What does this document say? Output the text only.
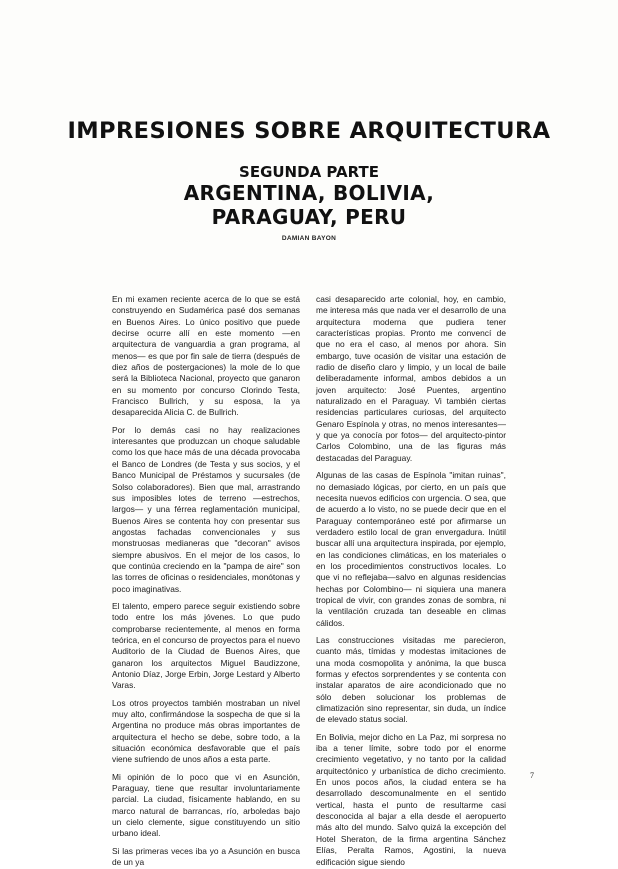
IMPRESIONES SOBRE ARQUITECTURA
SEGUNDA PARTE
ARGENTINA, BOLIVIA,
PARAGUAY, PERU
DAMIAN BAYON

En mi examen reciente acerca de lo que se está construyendo en Sudamérica pasé dos semanas en Buenos Aires. Lo único positivo que puede decirse ocurre allí en este momento —en arquitectura de vanguardia a gran programa, al menos— es que por fin sale de tierra (después de diez años de postergaciones) la mole de lo que será la Biblioteca Nacional, proyecto que ganaron en su momento por concurso Clorindo Testa, Francisco Bullrich, y su esposa, la ya desaparecida Alicia C. de Bullrich.

Por lo demás casi no hay realizaciones interesantes que produzcan un choque saludable como los que hace más de una década provocaba el Banco de Londres (de Testa y sus socios, y el Banco Municipal de Préstamos y sucursales (de Solso colaboradores). Bien que mal, arrastrando sus imposibles lotes de terreno —estrechos, largos— y una férrea reglamentación municipal, Buenos Aires se contenta hoy con presentar sus angostas fachadas convencionales y sus monstruosas medianeras que "decoran" avisos siempre abusivos. En el mejor de los casos, lo que continúa creciendo en la "pampa de aire" son las torres de oficinas o residenciales, monótonas y poco imaginativas.

El talento, empero parece seguir existiendo sobre todo entre los más jóvenes. Lo que pudo comprobarse recientemente, al menos en forma teórica, en el concurso de proyectos para el nuevo Auditorio de la Ciudad de Buenos Aires, que ganaron los arquitectos Miguel Baudizzone, Antonio Díaz, Jorge Erbin, Jorge Lestard y Alberto Varas.

Los otros proyectos también mostraban un nivel muy alto, confirmándose la sospecha de que si la Argentina no produce más obras importantes de arquitectura el hecho se debe, sobre todo, a la situación económica desfavorable que el país viene sufriendo de unos años a esta parte.

Mi opinión de lo poco que vi en Asunción, Paraguay, tiene que resultar involuntariamente parcial. La ciudad, físicamente hablando, en su marco natural de barrancas, río, arboledas bajo un cielo clemente, sigue constituyendo un sitio urbano ideal.

Si las primeras veces iba yo a Asunción en busca de un ya

casi desaparecido arte colonial, hoy, en cambio, me interesa más que nada ver el desarrollo de una arquitectura moderna que pudiera tener características propias. Pronto me convencí de que no era el caso, al menos por ahora. Sin embargo, tuve ocasión de visitar una estación de radio de diseño claro y limpio, y un local de baile deliberadamente informal, ambos debidos a un joven arquitecto: José Puentes, argentino naturalizado en el Paraguay. Vi también ciertas residencias particulares curiosas, del arquitecto Genaro Espínola y otras, no menos interesantes—y que ya conocía por fotos— del arquitecto-pintor Carlos Colombino, una de las figuras más destacadas del Paraguay.

Algunas de las casas de Espínola "imitan ruinas", no demasiado lógicas, por cierto, en un país que necesita nuevos edificios con urgencia. O sea, que de acuerdo a lo visto, no se puede decir que en el Paraguay contemporáneo esté por afirmarse un verdadero estilo local de gran envergadura. Inútil buscar allí una arquitectura inspirada, por ejemplo, en las condiciones climáticas, en los materiales o en los procedimientos constructivos locales. Lo que vi no reflejaba—salvo en algunas residencias hechas por Colombino— ni siquiera una manera tropical de vivir, con grandes zonas de sombra, ni la ventilación cruzada tan deseable en climas cálidos.

Las construcciones visitadas me parecieron, cuanto más, tímidas y modestas imitaciones de una moda cosmopolita y anónima, la que busca formas y efectos sorprendentes y se contenta con instalar aparatos de aire acondicionado que no sólo deben solucionar los problemas de climatización sino representar, sin duda, un índice de elevado status social.

En Bolivia, mejor dicho en La Paz, mi sorpresa no iba a tener límite, sobre todo por el enorme crecimiento vegetativo, y no tanto por la calidad arquitectónico y urbanística de dicho crecimiento. En unos pocos años, la ciudad entera se ha desarrollado descomunalmente en el sentido vertical, hasta el punto de resultarme casi desconocida al bajar a ella desde el aeropuerto más alto del mundo. Salvo quizá la excepción del Hotel Sheraton, de la firma argentina Sánchez Elías, Peralta Ramos, Agostini, la nueva edificación sigue siendo

7
